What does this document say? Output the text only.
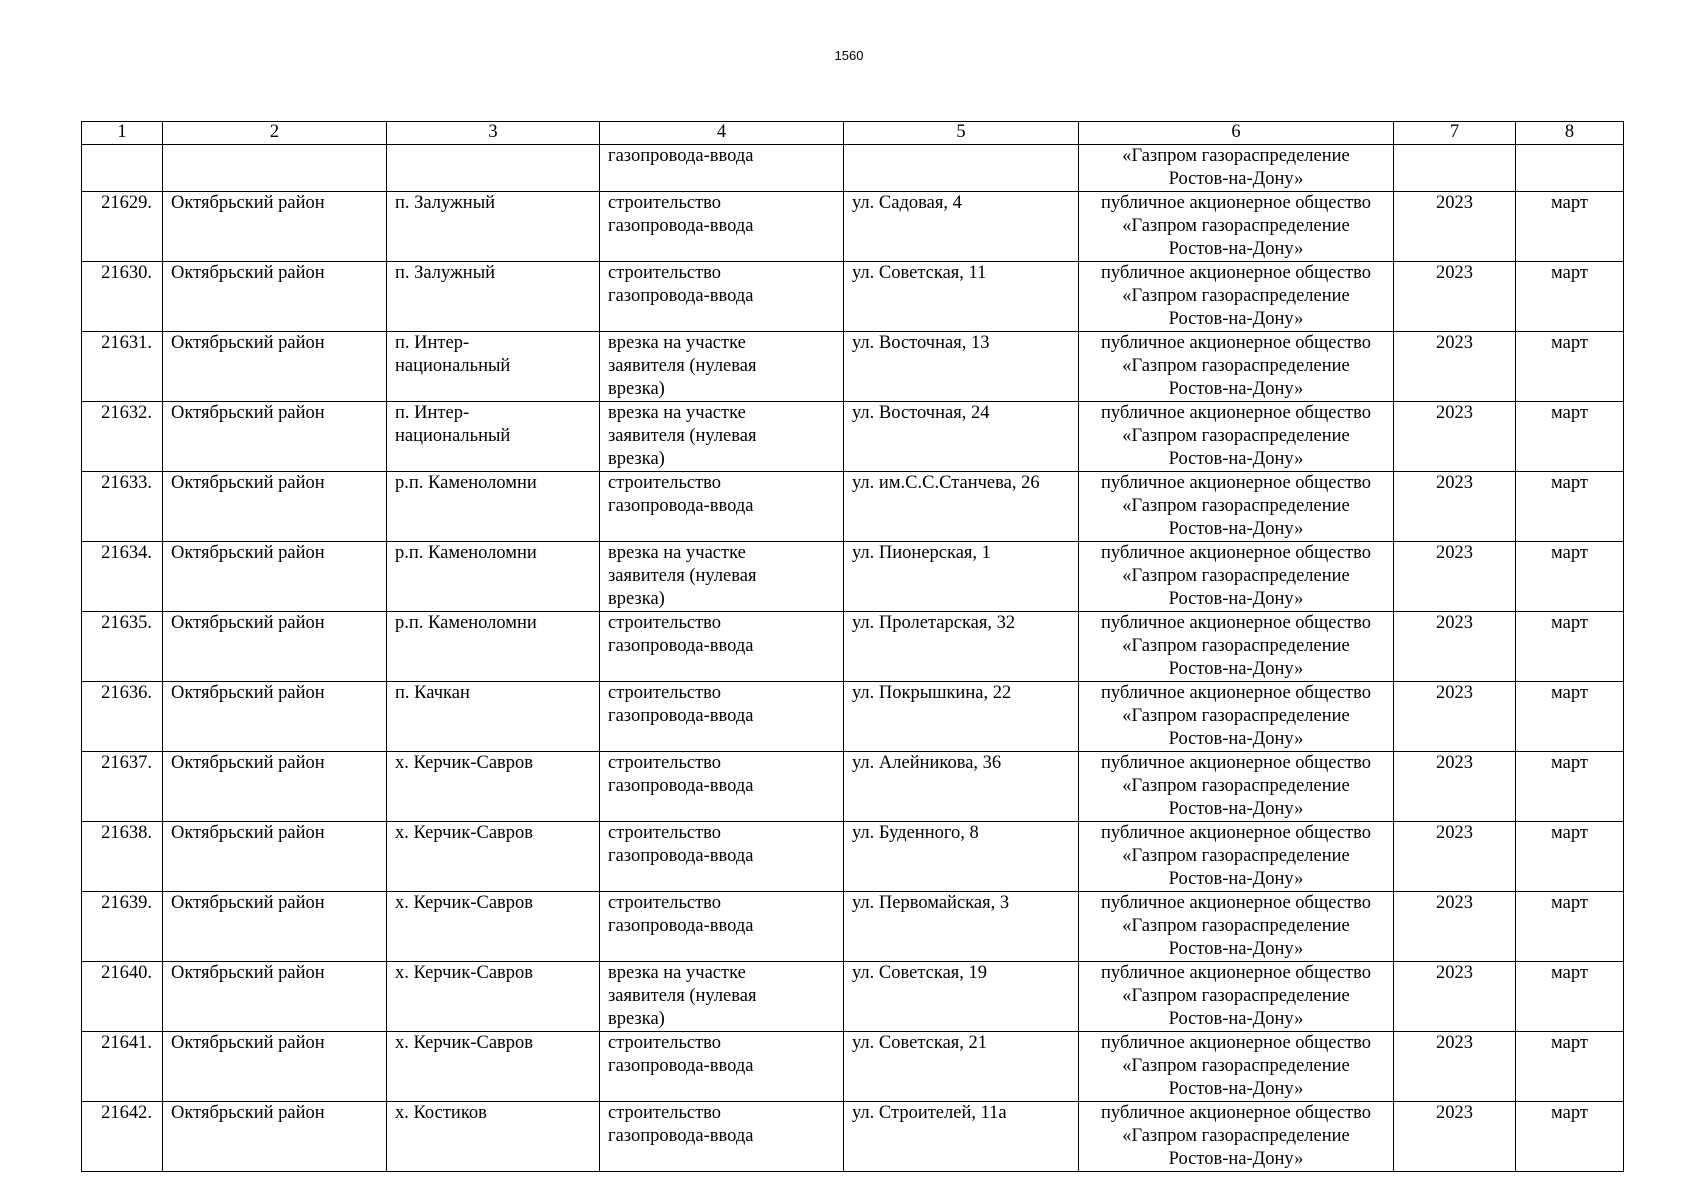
1560
1	2	3	4	5	6	7	8

			газопровода-ввода		«Газпром газораспределение
Ростов-на-Дону»		

21629.	Октябрьский район	п. Залужный	строительство
газопровода-ввода	ул. Садовая, 4	публичное акционерное общество
«Газпром газораспределение
Ростов-на-Дону»	2023	март
21630.	Октябрьский район	п. Залужный	строительство
газопровода-ввода	ул. Советская, 11	публичное акционерное общество
«Газпром газораспределение
Ростов-на-Дону»	2023	март
21631.	Октябрьский район	п. Интер-
национальный	врезка на участке
заявителя (нулевая
врезка)	ул. Восточная, 13	публичное акционерное общество
«Газпром газораспределение
Ростов-на-Дону»	2023	март
21632.	Октябрьский район	п. Интер-
национальный	врезка на участке
заявителя (нулевая
врезка)	ул. Восточная, 24	публичное акционерное общество
«Газпром газораспределение
Ростов-на-Дону»	2023	март
21633.	Октябрьский район	р.п. Каменоломни	строительство
газопровода-ввода	ул. им.С.С.Станчева, 26	публичное акционерное общество
«Газпром газораспределение
Ростов-на-Дону»	2023	март
21634.	Октябрьский район	р.п. Каменоломни	врезка на участке
заявителя (нулевая
врезка)	ул. Пионерская, 1	публичное акционерное общество
«Газпром газораспределение
Ростов-на-Дону»	2023	март
21635.	Октябрьский район	р.п. Каменоломни	строительство
газопровода-ввода	ул. Пролетарская, 32	публичное акционерное общество
«Газпром газораспределение
Ростов-на-Дону»	2023	март
21636.	Октябрьский район	п. Качкан	строительство
газопровода-ввода	ул. Покрышкина, 22	публичное акционерное общество
«Газпром газораспределение
Ростов-на-Дону»	2023	март
21637.	Октябрьский район	х. Керчик-Савров	строительство
газопровода-ввода	ул. Алейникова, 36	публичное акционерное общество
«Газпром газораспределение
Ростов-на-Дону»	2023	март
21638.	Октябрьский район	х. Керчик-Савров	строительство
газопровода-ввода	ул. Буденного, 8	публичное акционерное общество
«Газпром газораспределение
Ростов-на-Дону»	2023	март
21639.	Октябрьский район	х. Керчик-Савров	строительство
газопровода-ввода	ул. Первомайская, 3	публичное акционерное общество
«Газпром газораспределение
Ростов-на-Дону»	2023	март
21640.	Октябрьский район	х. Керчик-Савров	врезка на участке
заявителя (нулевая
врезка)	ул. Советская, 19	публичное акционерное общество
«Газпром газораспределение
Ростов-на-Дону»	2023	март
21641.	Октябрьский район	х. Керчик-Савров	строительство
газопровода-ввода	ул. Советская, 21	публичное акционерное общество
«Газпром газораспределение
Ростов-на-Дону»	2023	март
21642.	Октябрьский район	х. Костиков	строительство
газопровода-ввода	ул. Строителей, 11а	публичное акционерное общество
«Газпром газораспределение
Ростов-на-Дону»	2023	март
